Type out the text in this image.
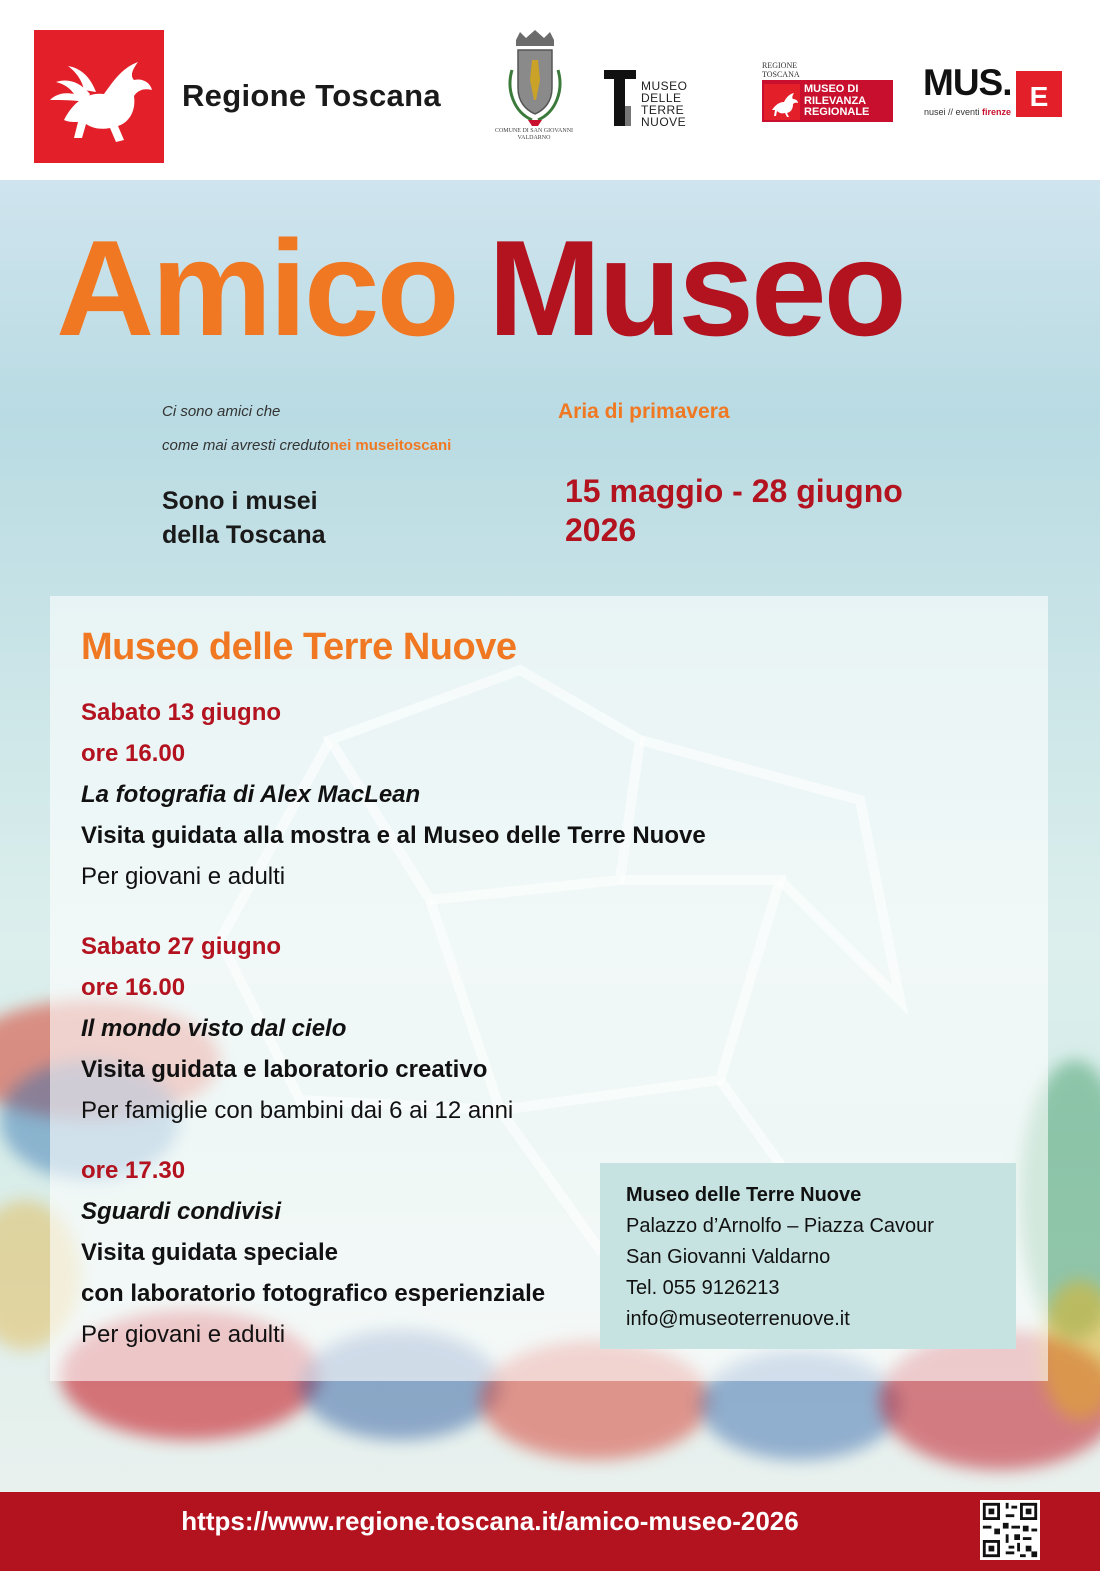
Regione Toscana
COMUNE DI SAN GIOVANNI VALDARNO
MUSEO DELLE TERRE NUOVE
REGIONE TOSCANA
MUSEO DI RILEVANZA REGIONALE
MUS. E
nusei // eventi firenze
Amico Museo
Ci sono amici che
come mai avresti credutonei museitoscani
Sono i musei
della Toscana
Aria di primavera
15 maggio - 28 giugno
2026
Museo delle Terre Nuove
Sabato 13 giugno
ore 16.00
La fotografia di Alex MacLean
Visita guidata alla mostra e al Museo delle Terre Nuove
Per giovani e adulti
Sabato 27 giugno
ore 16.00
Il mondo visto dal cielo
Visita guidata e laboratorio creativo
Per famiglie con bambini dai 6 ai 12 anni
ore 17.30
Sguardi condivisi
Visita guidata speciale
con laboratorio fotografico esperienziale
Per giovani e adulti
Museo delle Terre Nuove
Palazzo d’Arnolfo – Piazza Cavour
San Giovanni Valdarno
Tel. 055 9126213
info@museoterrenuove.it
https://www.regione.toscana.it/amico-museo-2026
